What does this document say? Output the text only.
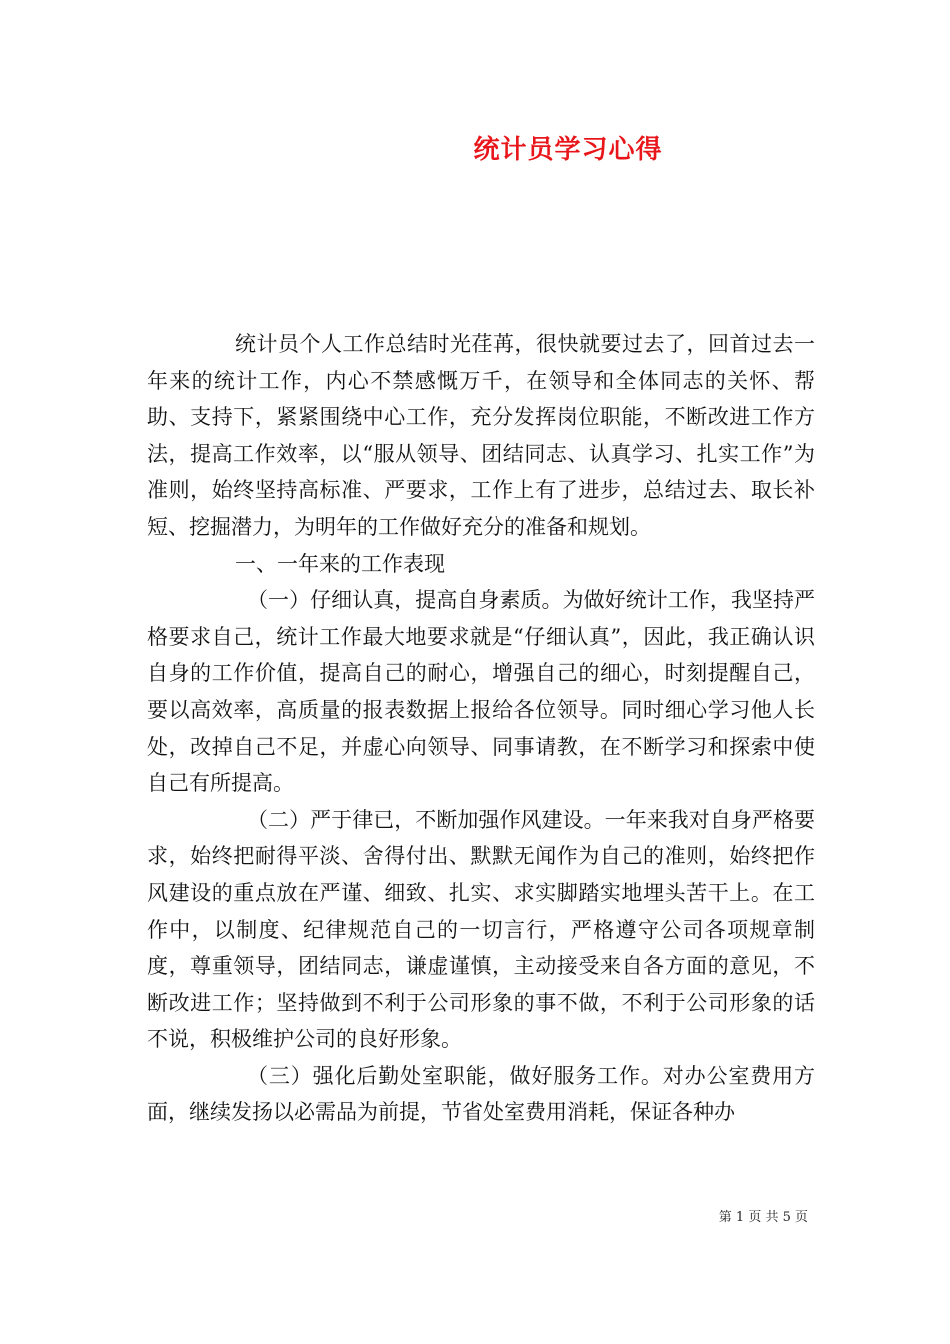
统计员学习心得

统计员个人工作总结时光荏苒，很快就要过去了，回首过去一年来的统计工作，内心不禁感慨万千，在领导和全体同志的关怀、帮助、支持下，紧紧围绕中心工作，充分发挥岗位职能，不断改进工作方法，提高工作效率，以“服从领导、团结同志、认真学习、扎实工作”为准则，始终坚持高标准、严要求，工作上有了进步，总结过去、取长补短、挖掘潜力，为明年的工作做好充分的准备和规划。

一、一年来的工作表现

（一）仔细认真，提高自身素质。为做好统计工作，我坚持严格要求自己，统计工作最大地要求就是“仔细认真”，因此，我正确认识自身的工作价值，提高自己的耐心，增强自己的细心，时刻提醒自己，要以高效率，高质量的报表数据上报给各位领导。同时细心学习他人长处，改掉自己不足，并虚心向领导、同事请教，在不断学习和探索中使自己有所提高。

（二）严于律已，不断加强作风建设。一年来我对自身严格要求，始终把耐得平淡、舍得付出、默默无闻作为自己的准则，始终把作风建设的重点放在严谨、细致、扎实、求实脚踏实地埋头苦干上。在工作中，以制度、纪律规范自己的一切言行，严格遵守公司各项规章制度，尊重领导，团结同志，谦虚谨慎，主动接受来自各方面的意见，不断改进工作；坚持做到不利于公司形象的事不做，不利于公司形象的话不说，积极维护公司的良好形象。

（三）强化后勤处室职能，做好服务工作。对办公室费用方面，继续发扬以必需品为前提，节省处室费用消耗，保证各种办

第 1 页 共 5 页
